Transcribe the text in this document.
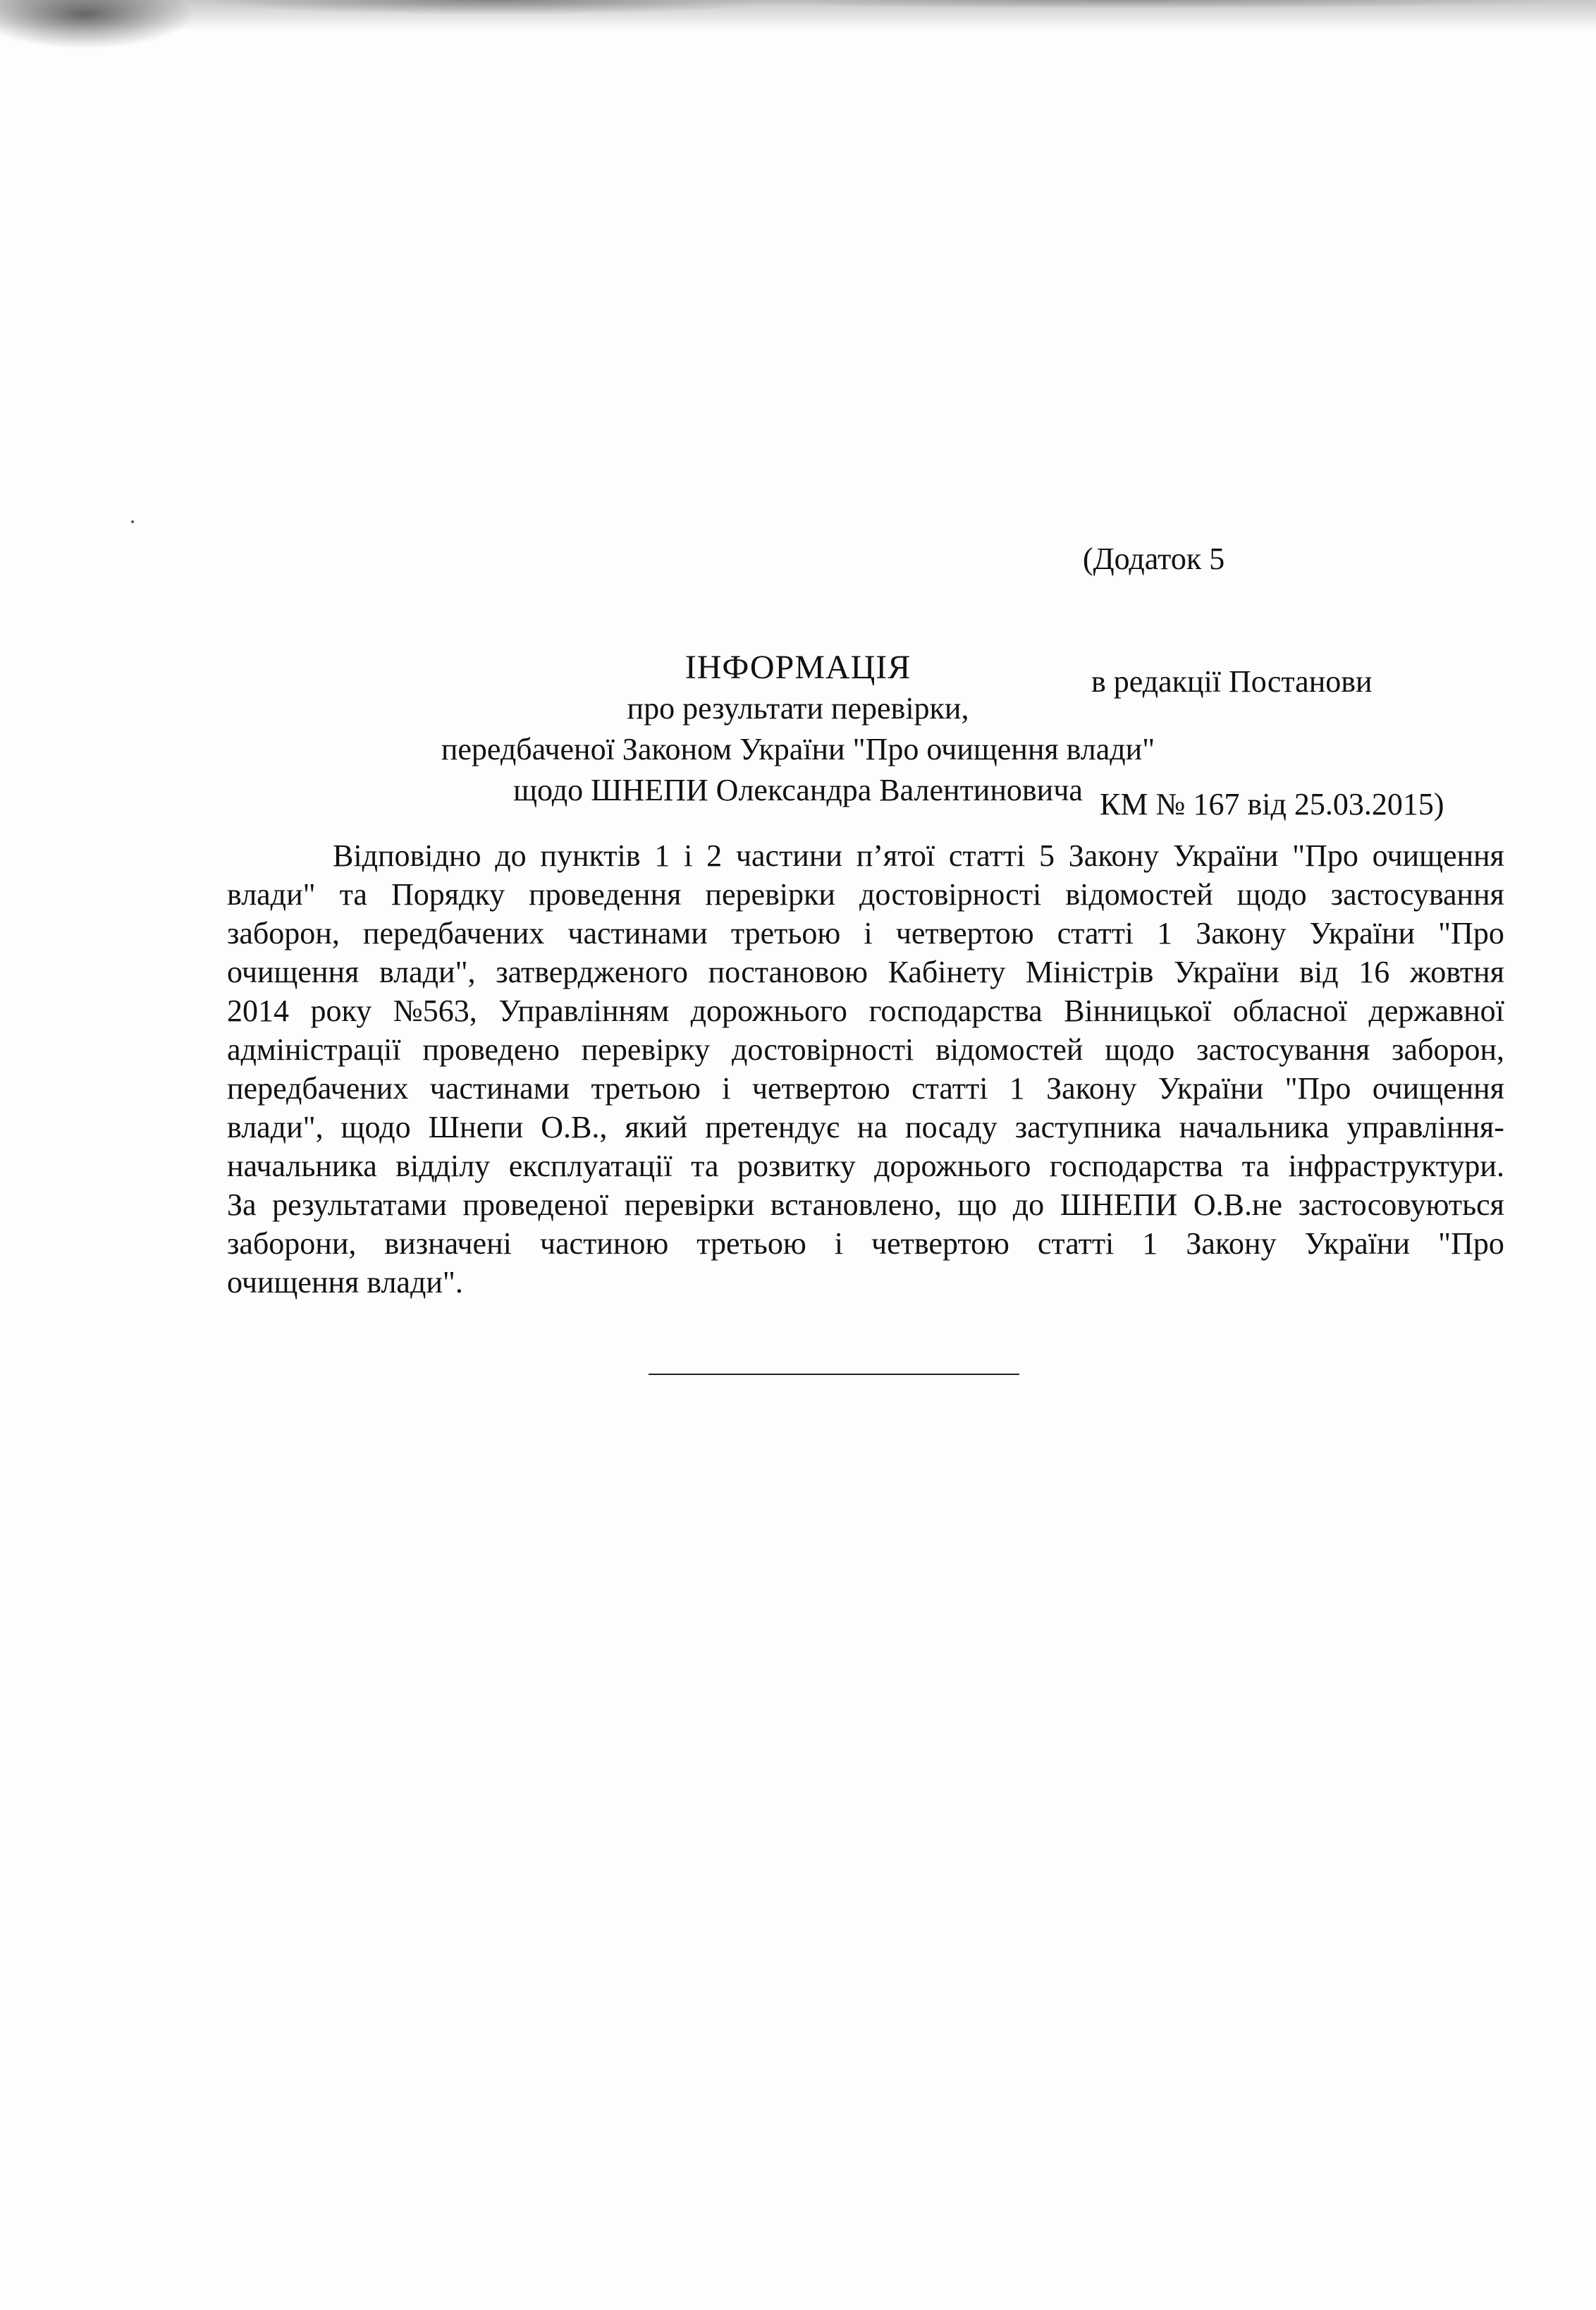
(Додаток 5

в редакції Постанови

КМ № 167 від 25.03.2015)

ІНФОРМАЦІЯ
про результати перевірки,
передбаченої Законом України "Про очищення влади"
щодо ШНЕПИ Олександра Валентиновича
Відповідно до пунктів 1 і 2 частини п’ятої статті 5 Закону України "Про очищення
влади" та Порядку проведення перевірки достовірності відомостей щодо застосування
заборон, передбачених частинами третьою і четвертою статті 1 Закону України "Про
очищення влади", затвердженого постановою Кабінету Міністрів України від 16 жовтня
2014 року №563, Управлінням дорожнього господарства Вінницької обласної державної
адміністрації проведено перевірку достовірності відомостей щодо застосування заборон,
передбачених частинами третьою і четвертою статті 1 Закону України "Про очищення
влади", щодо Шнепи О.В., який претендує на посаду заступника начальника управління-
начальника відділу експлуатації та розвитку дорожнього господарства та інфраструктури.
За результатами проведеної перевірки встановлено, що до ШНЕПИ О.В.не застосовуються
заборони, визначені частиною третьою і четвертою статті 1 Закону України "Про
очищення влади".
